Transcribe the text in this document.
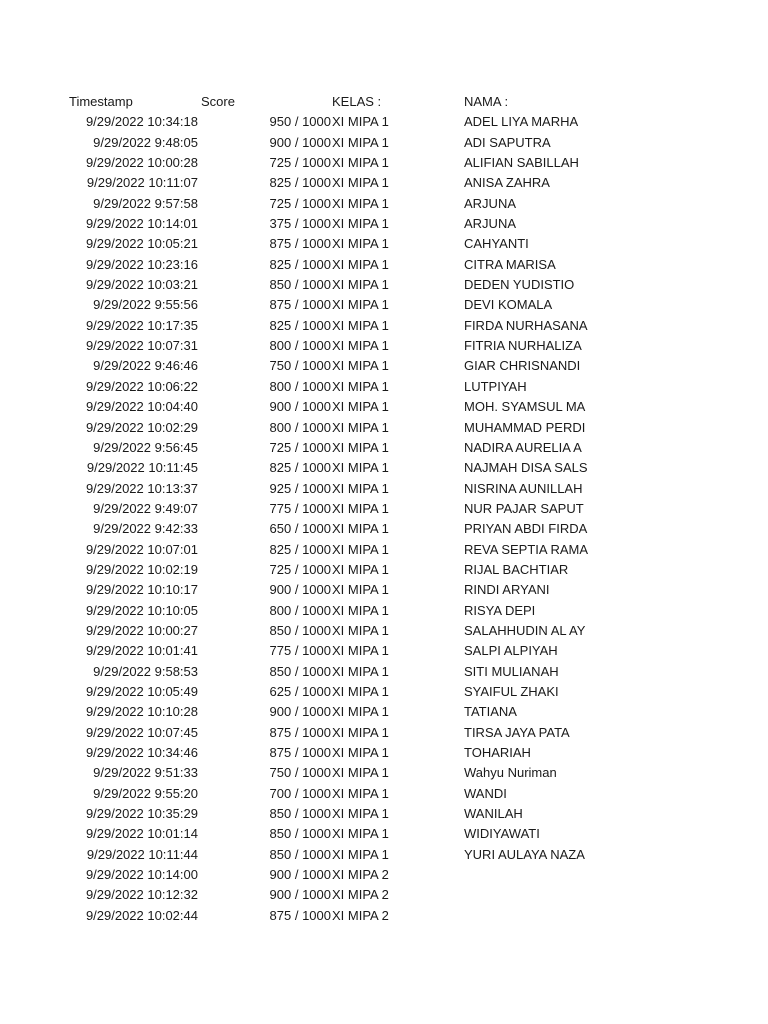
Timestamp	Score	KELAS :	NAMA :
9/29/2022 10:34:18	950 / 1000 XI MIPA 1	ADEL LIYA MARHA
9/29/2022 9:48:05	900 / 1000 XI MIPA 1	ADI SAPUTRA
9/29/2022 10:00:28	725 / 1000 XI MIPA 1	ALIFIAN SABILLAH
9/29/2022 10:11:07	825 / 1000 XI MIPA 1	ANISA ZAHRA
9/29/2022 9:57:58	725 / 1000 XI MIPA 1	ARJUNA
9/29/2022 10:14:01	375 / 1000 XI MIPA 1	ARJUNA
9/29/2022 10:05:21	875 / 1000 XI MIPA 1	CAHYANTI
9/29/2022 10:23:16	825 / 1000 XI MIPA 1	CITRA MARISA
9/29/2022 10:03:21	850 / 1000 XI MIPA 1	DEDEN YUDISTIO
9/29/2022 9:55:56	875 / 1000 XI MIPA 1	DEVI KOMALA
9/29/2022 10:17:35	825 / 1000 XI MIPA 1	FIRDA NURHASANA
9/29/2022 10:07:31	800 / 1000 XI MIPA 1	FITRIA NURHALIZA
9/29/2022 9:46:46	750 / 1000 XI MIPA 1	GIAR CHRISNANDI
9/29/2022 10:06:22	800 / 1000 XI MIPA 1	LUTPIYAH
9/29/2022 10:04:40	900 / 1000 XI MIPA 1	MOH. SYAMSUL MA
9/29/2022 10:02:29	800 / 1000 XI MIPA 1	MUHAMMAD PERDI
9/29/2022 9:56:45	725 / 1000 XI MIPA 1	NADIRA AURELIA A
9/29/2022 10:11:45	825 / 1000 XI MIPA 1	NAJMAH DISA SALS
9/29/2022 10:13:37	925 / 1000 XI MIPA 1	NISRINA AUNILLAH
9/29/2022 9:49:07	775 / 1000 XI MIPA 1	NUR PAJAR SAPUT
9/29/2022 9:42:33	650 / 1000 XI MIPA 1	PRIYAN ABDI FIRDA
9/29/2022 10:07:01	825 / 1000 XI MIPA 1	REVA SEPTIA RAMA
9/29/2022 10:02:19	725 / 1000 XI MIPA 1	RIJAL BACHTIAR
9/29/2022 10:10:17	900 / 1000 XI MIPA 1	RINDI ARYANI
9/29/2022 10:10:05	800 / 1000 XI MIPA 1	RISYA DEPI
9/29/2022 10:00:27	850 / 1000 XI MIPA 1	SALAHHUDIN AL AY
9/29/2022 10:01:41	775 / 1000 XI MIPA 1	SALPI ALPIYAH
9/29/2022 9:58:53	850 / 1000 XI MIPA 1	SITI MULIANAH
9/29/2022 10:05:49	625 / 1000 XI MIPA 1	SYAIFUL ZHAKI
9/29/2022 10:10:28	900 / 1000 XI MIPA 1	TATIANA
9/29/2022 10:07:45	875 / 1000 XI MIPA 1	TIRSA JAYA PATA
9/29/2022 10:34:46	875 / 1000 XI MIPA 1	TOHARIAH
9/29/2022 9:51:33	750 / 1000 XI MIPA 1	Wahyu Nuriman
9/29/2022 9:55:20	700 / 1000 XI MIPA 1	WANDI
9/29/2022 10:35:29	850 / 1000 XI MIPA 1	WANILAH
9/29/2022 10:01:14	850 / 1000 XI MIPA 1	WIDIYAWATI
9/29/2022 10:11:44	850 / 1000 XI MIPA 1	YURI AULAYA NAZA
9/29/2022 10:14:00	900 / 1000 XI MIPA 2
9/29/2022 10:12:32	900 / 1000 XI MIPA 2
9/29/2022 10:02:44	875 / 1000 XI MIPA 2
